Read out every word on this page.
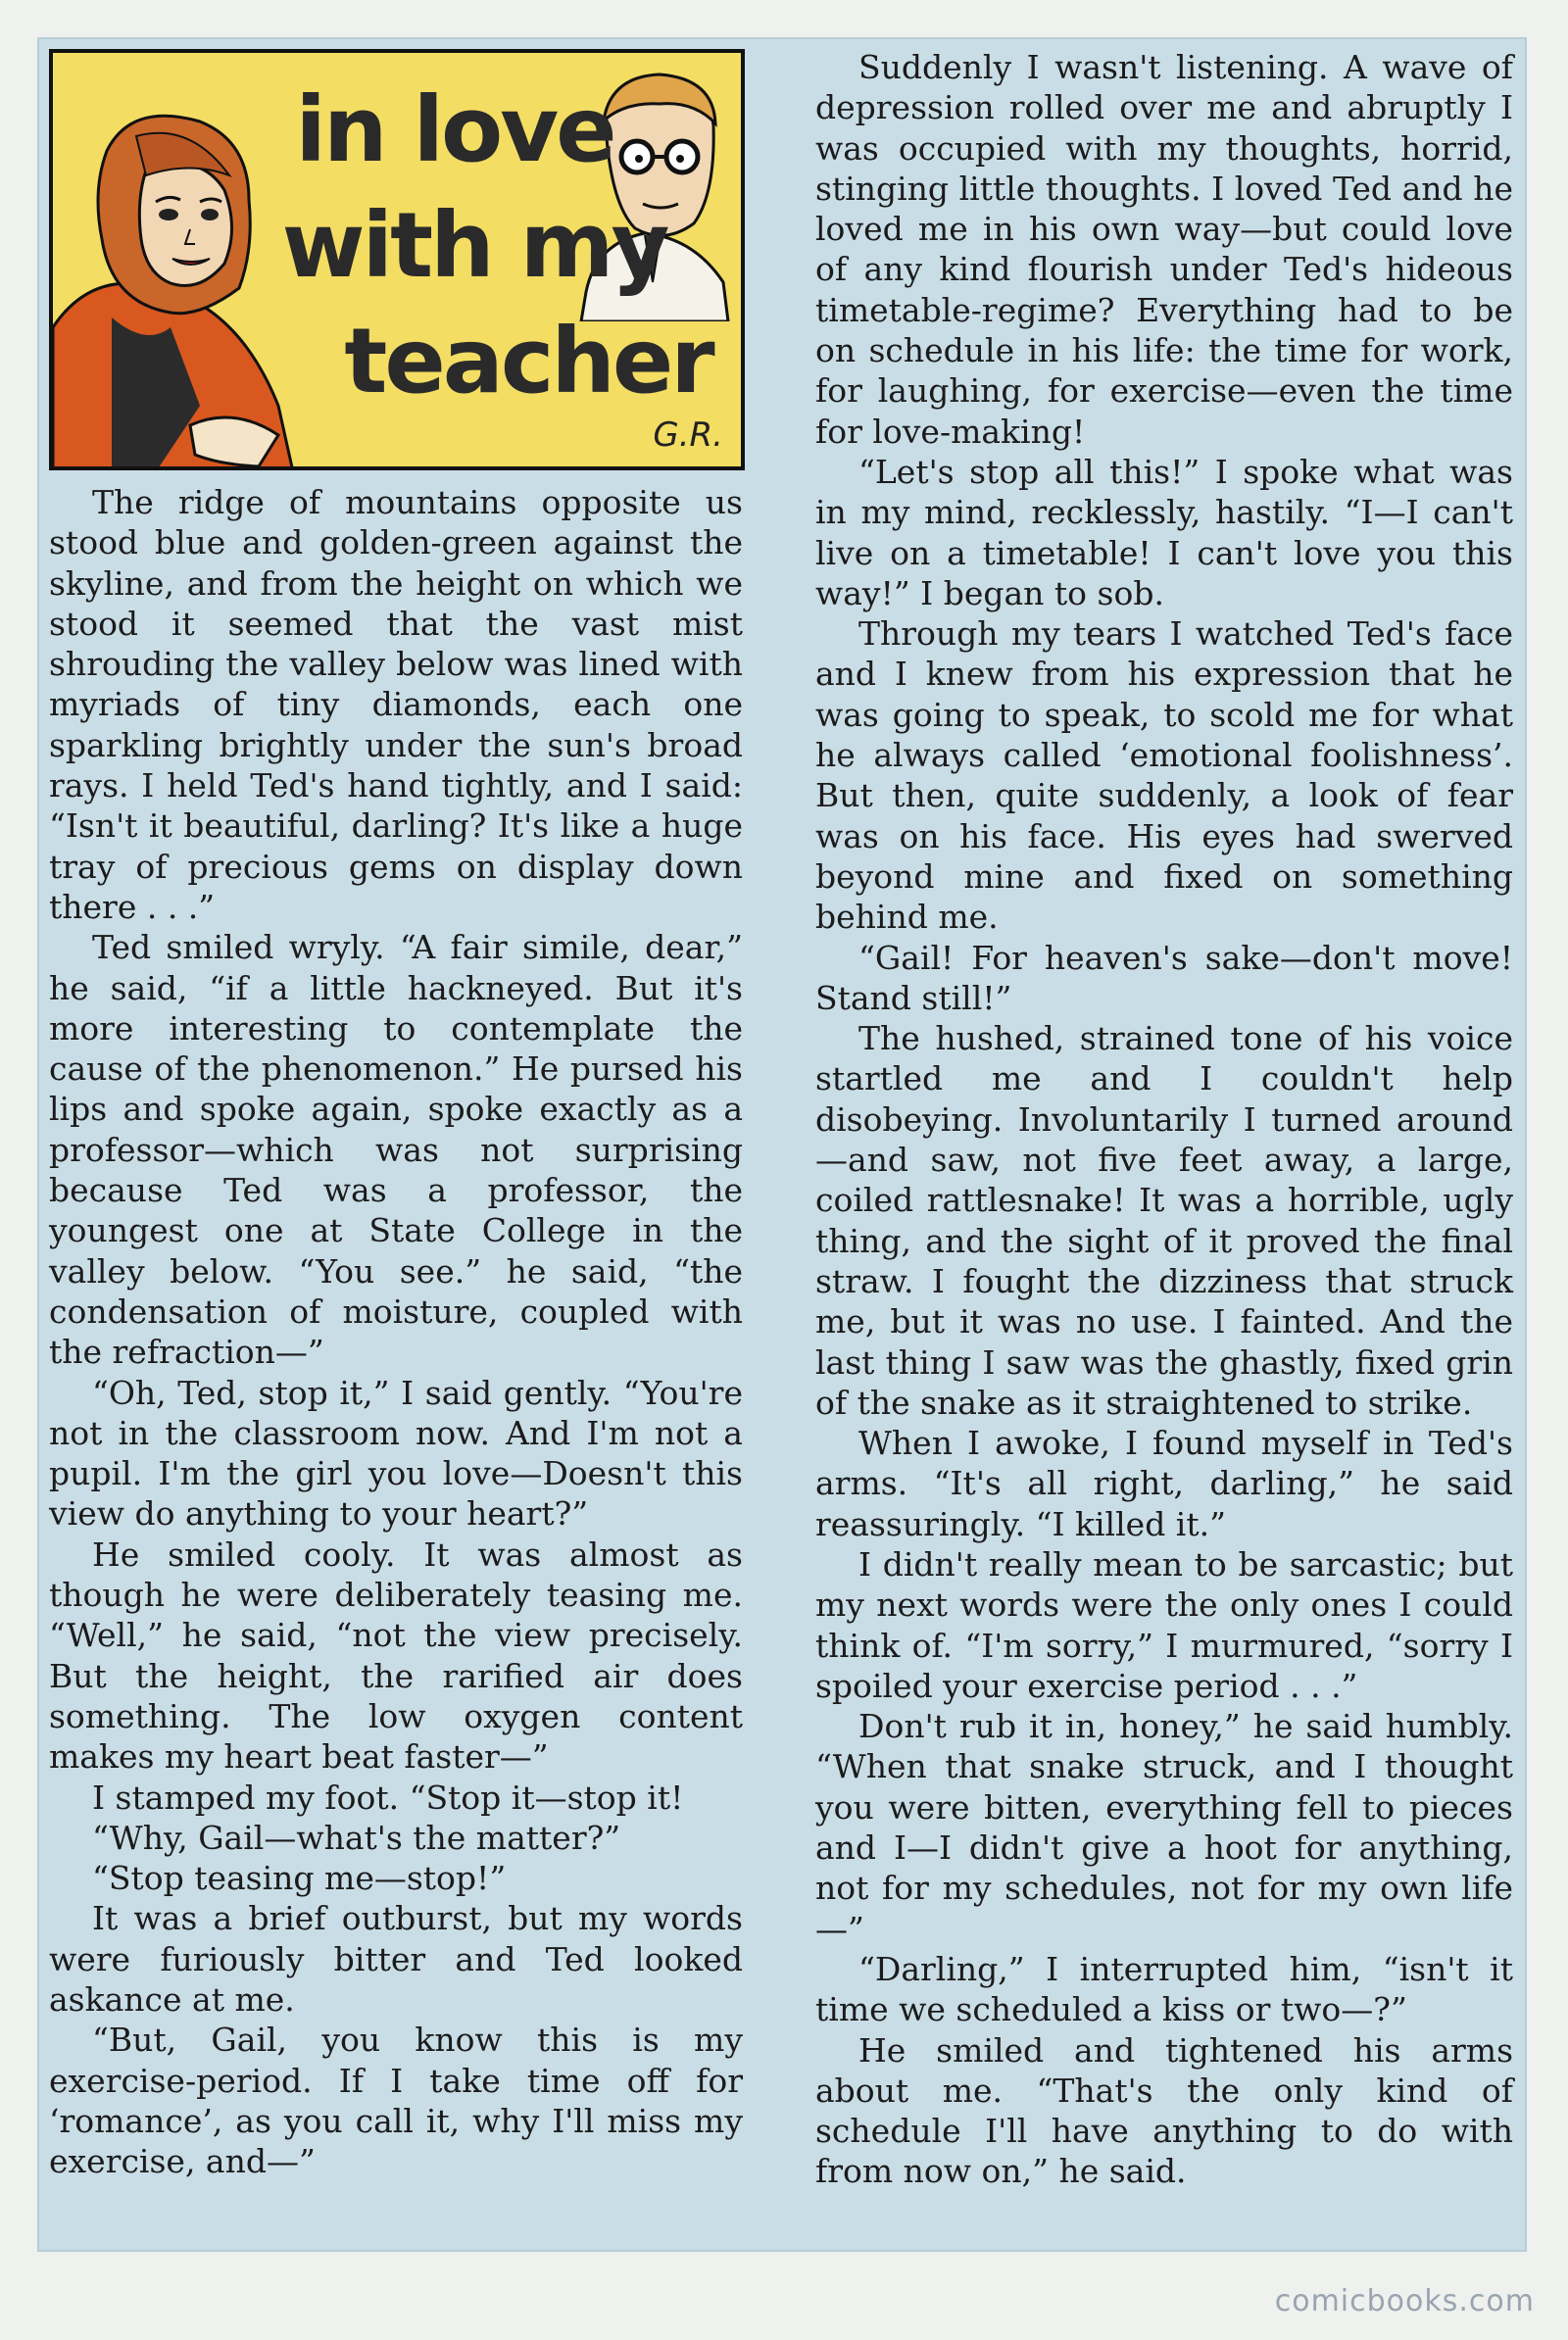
in love
with my
teacher
G.R.

The ridge of mountains opposite us stood blue and golden-green against the skyline, and from the height on which we stood it seemed that the vast mist shrouding the valley below was lined with myriads of tiny diamonds, each one sparkling brightly under the sun's broad rays. I held Ted's hand tightly, and I said: “Isn't it beautiful, darling? It's like a huge tray of precious gems on display down there . . .”

Ted smiled wryly. “A fair simile, dear,” he said, “if a little hackneyed. But it's more interesting to contemplate the cause of the phenomenon.” He pursed his lips and spoke again, spoke exactly as a professor—which was not surprising because Ted was a professor, the youngest one at State College in the valley below. “You see.” he said, “the condensation of moisture, coupled with the refraction—”

“Oh, Ted, stop it,” I said gently. “You're not in the classroom now. And I'm not a pupil. I'm the girl you love—Doesn't this view do anything to your heart?”

He smiled cooly. It was almost as though he were deliberately teasing me. “Well,” he said, “not the view precisely. But the height, the rarified air does something. The low oxygen content makes my heart beat faster—”

I stamped my foot. “Stop it—stop it!

“Why, Gail—what's the matter?”

“Stop teasing me—stop!”

It was a brief outburst, but my words were furiously bitter and Ted looked askance at me.

“But, Gail, you know this is my exercise-period. If I take time off for ‘romance’, as you call it, why I'll miss my exercise, and—”

Suddenly I wasn't listening. A wave of depression rolled over me and abruptly I was occupied with my thoughts, horrid, stinging little thoughts. I loved Ted and he loved me in his own way—but could love of any kind flourish under Ted's hideous timetable-regime? Everything had to be on schedule in his life: the time for work, for laughing, for exercise—even the time for love-making!

“Let's stop all this!” I spoke what was in my mind, recklessly, hastily. “I—I can't live on a timetable! I can't love you this way!” I began to sob.

Through my tears I watched Ted's face and I knew from his expression that he was going to speak, to scold me for what he always called ‘emotional foolishness’. But then, quite suddenly, a look of fear was on his face. His eyes had swerved beyond mine and fixed on something behind me.

“Gail! For heaven's sake—don't move! Stand still!”

The hushed, strained tone of his voice startled me and I couldn't help disobeying. Involuntarily I turned around—and saw, not five feet away, a large, coiled rattlesnake! It was a horrible, ugly thing, and the sight of it proved the final straw. I fought the dizziness that struck me, but it was no use. I fainted. And the last thing I saw was the ghastly, fixed grin of the snake as it straightened to strike.

When I awoke, I found myself in Ted's arms. “It's all right, darling,” he said reassuringly. “I killed it.”

I didn't really mean to be sarcastic; but my next words were the only ones I could think of. “I'm sorry,” I murmured, “sorry I spoiled your exercise period . . .”

Don't rub it in, honey,” he said humbly. “When that snake struck, and I thought you were bitten, everything fell to pieces and I—I didn't give a hoot for anything, not for my schedules, not for my own life—”

“Darling,” I interrupted him, “isn't it time we scheduled a kiss or two—?”

He smiled and tightened his arms about me. “That's the only kind of schedule I'll have anything to do with from now on,” he said.

comicbooks.com
